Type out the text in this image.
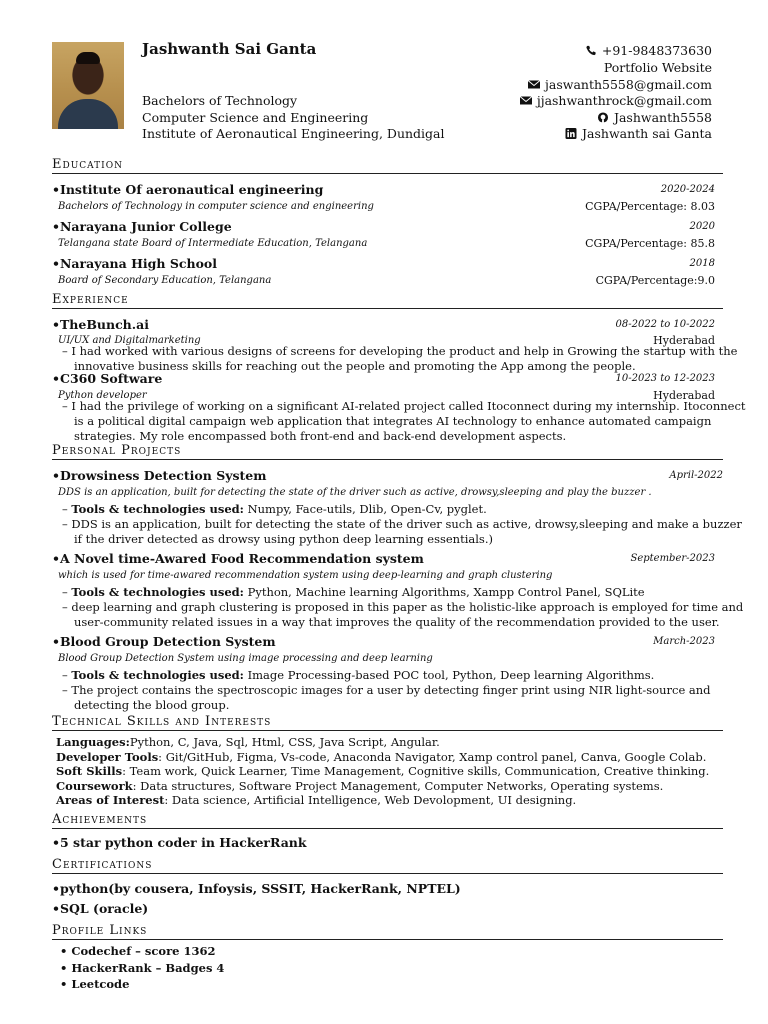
Jashwanth Sai Ganta
Bachelors of Technology
Computer Science and Engineering
Institute of Aeronautical Engineering, Dundigal
+91-9848373630
Portfolio Website
jaswanth5558@gmail.com
jjashwanthrock@gmail.com
Jashwanth5558
Jashwanth sai Ganta
Education
•Institute Of aeronautical engineering	2020-2024
Bachelors of Technology in computer science and engineering	CGPA/Percentage: 8.03
•Narayana Junior College	2020
Telangana state Board of Intermediate Education, Telangana	CGPA/Percentage: 85.8
•Narayana High School	2018
Board of Secondary Education, Telangana	CGPA/Percentage:9.0
Experience
•TheBunch.ai	08-2022 to 10-2022
UI/UX and Digitalmarketing	Hyderabad
– I had worked with various designs of screens for developing the product and help in Growing the startup with the
innovative business skills for reaching out the people and promoting the App among the people.
•C360 Software	10-2023 to 12-2023
Python developer	Hyderabad
– I had the privilege of working on a significant AI-related project called Itoconnect during my internship. Itoconnect
is a political digital campaign web application that integrates AI technology to enhance automated campaign
strategies. My role encompassed both front-end and back-end development aspects.
Personal Projects
•Drowsiness Detection System	April-2022
DDS is an application, built for detecting the state of the driver such as active, drowsy,sleeping and play the buzzer .
– Tools & technologies used: Numpy, Face-utils, Dlib, Open-Cv, pyglet.
– DDS is an application, built for detecting the state of the driver such as active, drowsy,sleeping and make a buzzer
if the driver detected as drowsy using python deep learning essentials.)
•A Novel time-Awared Food Recommendation system	September-2023
which is used for time-awared recommendation system using deep-learning and graph clustering
– Tools & technologies used: Python, Machine learning Algorithms, Xampp Control Panel, SQLite
– deep learning and graph clustering is proposed in this paper as the holistic-like approach is employed for time and
user-community related issues in a way that improves the quality of the recommendation provided to the user.
•Blood Group Detection System	March-2023
Blood Group Detection System using image processing and deep learning
– Tools & technologies used: Image Processing-based POC tool, Python, Deep learning Algorithms.
– The project contains the spectroscopic images for a user by detecting finger print using NIR light-source and
detecting the blood group.
Technical Skills and Interests
Languages:Python, C, Java, Sql, Html, CSS, Java Script, Angular.
Developer Tools: Git/GitHub, Figma, Vs-code, Anaconda Navigator, Xamp control panel, Canva, Google Colab.
Soft Skills: Team work, Quick Learner, Time Management, Cognitive skills, Communication, Creative thinking.
Coursework: Data structures, Software Project Management, Computer Networks, Operating systems.
Areas of Interest: Data science, Artificial Intelligence, Web Devolopment, UI designing.
Achievements
•5 star python coder in HackerRank
Certifications
•python(by cousera, Infoysis, SSSIT, HackerRank, NPTEL)
•SQL (oracle)
Profile Links
• Codechef – score 1362
• HackerRank – Badges 4
• Leetcode
